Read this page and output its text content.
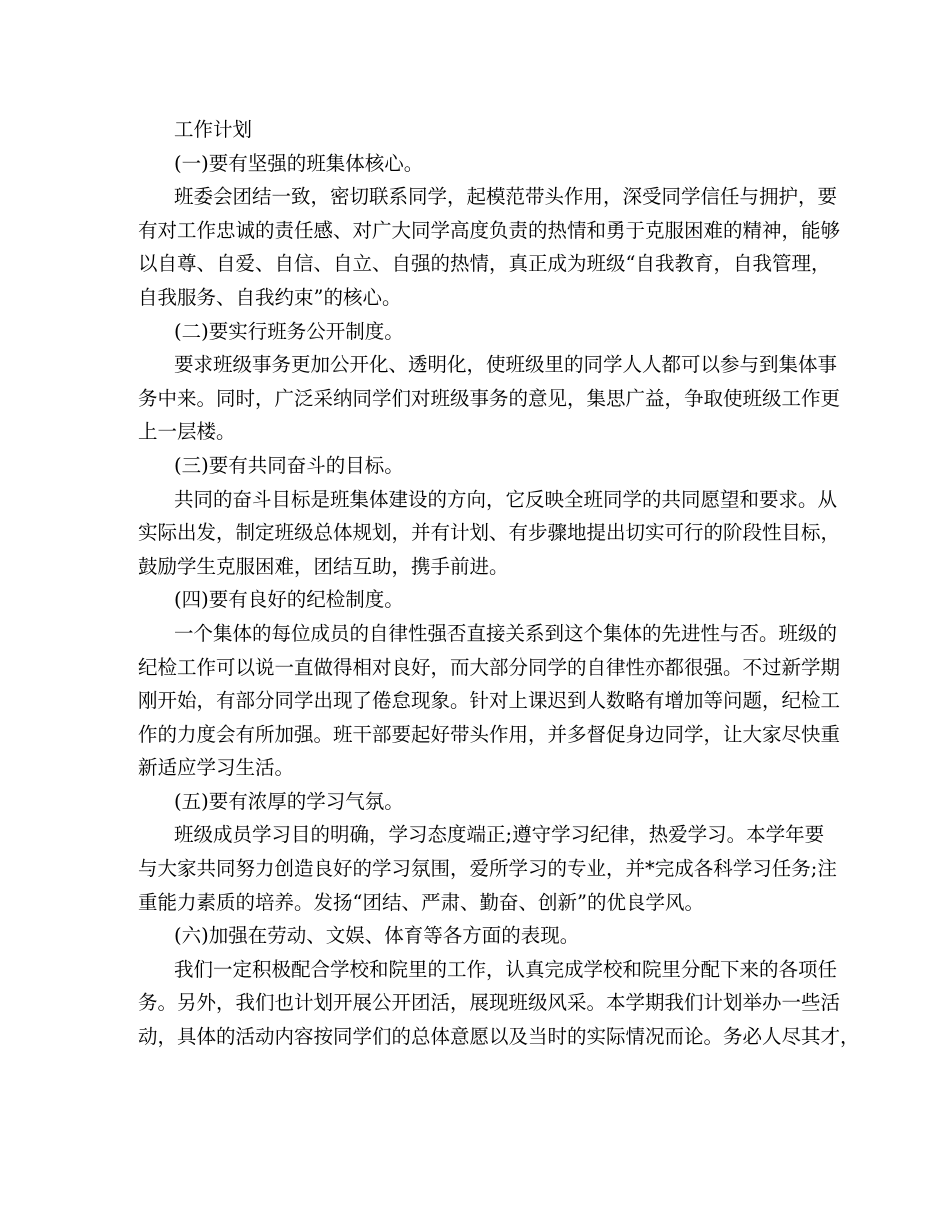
工作计划
(一)要有坚强的班集体核心。
班委会团结一致，密切联系同学，起模范带头作用，深受同学信任与拥护，要
有对工作忠诚的责任感、对广大同学高度负责的热情和勇于克服困难的精神，能够
以自尊、自爱、自信、自立、自强的热情，真正成为班级“自我教育，自我管理，
自我服务、自我约束”的核心。
(二)要实行班务公开制度。
要求班级事务更加公开化、透明化，使班级里的同学人人都可以参与到集体事
务中来。同时，广泛采纳同学们对班级事务的意见，集思广益，争取使班级工作更
上一层楼。
(三)要有共同奋斗的目标。
共同的奋斗目标是班集体建设的方向，它反映全班同学的共同愿望和要求。从
实际出发，制定班级总体规划，并有计划、有步骤地提出切实可行的阶段性目标，
鼓励学生克服困难，团结互助，携手前进。
(四)要有良好的纪检制度。
一个集体的每位成员的自律性强否直接关系到这个集体的先进性与否。班级的
纪检工作可以说一直做得相对良好，而大部分同学的自律性亦都很强。不过新学期
刚开始，有部分同学出现了倦怠现象。针对上课迟到人数略有增加等问题，纪检工
作的力度会有所加强。班干部要起好带头作用，并多督促身边同学，让大家尽快重
新适应学习生活。
(五)要有浓厚的学习气氛。
班级成员学习目的明确，学习态度端正;遵守学习纪律，热爱学习。本学年要
与大家共同努力创造良好的学习氛围，爱所学习的专业，并*完成各科学习任务;注
重能力素质的培养。发扬“团结、严肃、勤奋、创新”的优良学风。
(六)加强在劳动、文娱、体育等各方面的表现。
我们一定积极配合学校和院里的工作，认真完成学校和院里分配下来的各项任
务。另外，我们也计划开展公开团活，展现班级风采。本学期我们计划举办一些活
动，具体的活动内容按同学们的总体意愿以及当时的实际情况而论。务必人尽其才，
